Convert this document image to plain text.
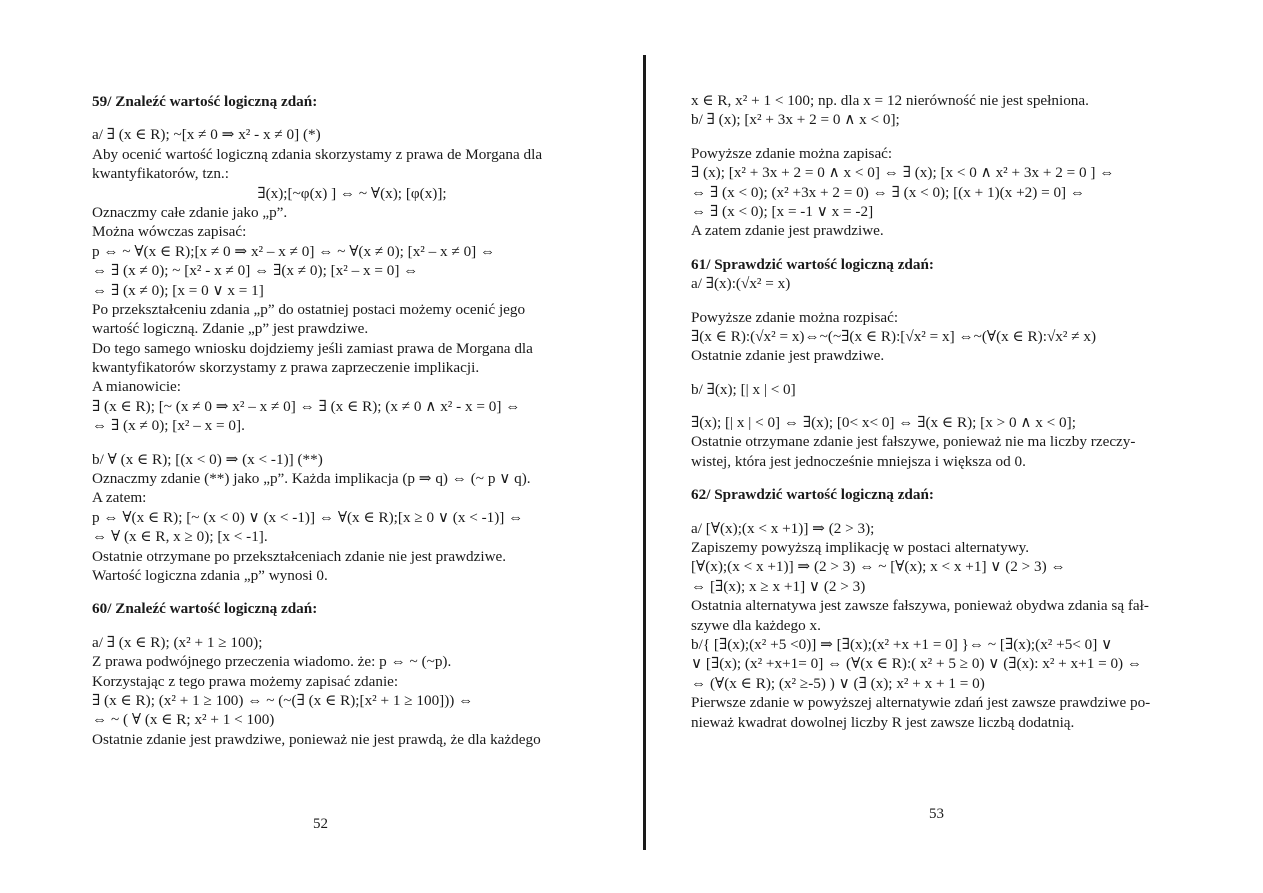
59/ Znaleźć wartość logiczną zdań:
a/ ∃ (x ∈ R); ~[x ≠ 0 ⇒ x² - x ≠ 0] (*)
Aby ocenić wartość logiczną zdania skorzystamy z prawa de Morgana dla
kwantyfikatorów, tzn.:
∃(x);[~φ(x) ] ⇔ ~ ∀(x); [φ(x)];
Oznaczmy całe zdanie jako „p”.
Można wówczas zapisać:
p ⇔ ~ ∀(x ∈ R);[x ≠ 0 ⇒ x² – x ≠ 0] ⇔ ~ ∀(x ≠ 0); [x² – x ≠ 0] ⇔
⇔ ∃ (x ≠ 0); ~ [x² - x ≠ 0] ⇔ ∃(x ≠ 0); [x² – x = 0] ⇔
⇔ ∃ (x ≠ 0); [x = 0 ∨ x = 1]
Po przekształceniu zdania „p” do ostatniej postaci możemy ocenić jego
wartość logiczną. Zdanie „p” jest prawdziwe.
Do tego samego wniosku dojdziemy jeśli zamiast prawa de Morgana dla
kwantyfikatorów skorzystamy z prawa zaprzeczenie implikacji.
A mianowicie:
∃ (x ∈ R); [~ (x ≠ 0 ⇒ x² – x ≠ 0] ⇔ ∃ (x ∈ R); (x ≠ 0 ∧ x² - x = 0] ⇔
⇔ ∃ (x ≠ 0); [x² – x = 0].
b/ ∀ (x ∈ R); [(x < 0) ⇒ (x < -1)] (**)
Oznaczmy zdanie (**) jako „p”. Każda implikacja (p ⇒ q) ⇔ (~ p ∨ q).
A zatem:
p ⇔ ∀(x ∈ R); [~ (x < 0) ∨ (x < -1)] ⇔ ∀(x ∈ R);[x ≥ 0 ∨ (x < -1)] ⇔
⇔ ∀ (x ∈ R, x ≥ 0); [x < -1].
Ostatnie otrzymane po przekształceniach zdanie nie jest prawdziwe.
Wartość logiczna zdania „p” wynosi 0.
60/ Znaleźć wartość logiczną zdań:
a/ ∃ (x ∈ R); (x² + 1 ≥ 100);
Z prawa podwójnego przeczenia wiadomo. że: p ⇔ ~ (~p).
Korzystając z tego prawa możemy zapisać zdanie:
∃ (x ∈ R); (x² + 1 ≥ 100) ⇔ ~ (~(∃ (x ∈ R);[x² + 1 ≥ 100])) ⇔
⇔ ~ ( ∀ (x ∈ R; x² + 1 < 100)
Ostatnie zdanie jest prawdziwe, ponieważ nie jest prawdą, że dla każdego
52
x ∈ R, x² + 1 < 100; np. dla x = 12 nierówność nie jest spełniona.
b/ ∃ (x); [x² + 3x + 2 = 0 ∧ x < 0];
Powyższe zdanie można zapisać:
∃ (x); [x² + 3x + 2 = 0 ∧ x < 0] ⇔ ∃ (x); [x < 0 ∧ x² + 3x + 2 = 0 ] ⇔
⇔ ∃ (x < 0); (x² +3x + 2 = 0) ⇔ ∃ (x < 0); [(x + 1)(x +2) = 0] ⇔
⇔ ∃ (x < 0); [x = -1 ∨ x = -2]
A zatem zdanie jest prawdziwe.
61/ Sprawdzić wartość logiczną zdań:
a/ ∃(x):(√x² = x)
Powyższe zdanie można rozpisać:
∃(x ∈ R):(√x² = x)⇔~(~∃(x ∈ R):[√x² = x] ⇔~(∀(x ∈ R):√x² ≠ x)
Ostatnie zdanie jest prawdziwe.
b/ ∃(x); [| x | < 0]
∃(x); [| x | < 0] ⇔ ∃(x); [0< x< 0] ⇔ ∃(x ∈ R); [x > 0 ∧ x < 0];
Ostatnie otrzymane zdanie jest fałszywe, ponieważ nie ma liczby rzeczy-
wistej, która jest jednocześnie mniejsza i większa od 0.
62/ Sprawdzić wartość logiczną zdań:
a/ [∀(x);(x < x +1)] ⇒ (2 > 3);
Zapiszemy powyższą implikację w postaci alternatywy.
[∀(x);(x < x +1)] ⇒ (2 > 3) ⇔ ~ [∀(x); x < x +1] ∨ (2 > 3) ⇔
⇔ [∃(x); x ≥ x +1] ∨ (2 > 3)
Ostatnia alternatywa jest zawsze fałszywa, ponieważ obydwa zdania są fał-
szywe dla każdego x.
b/{ [∃(x);(x² +5 <0)] ⇒ [∃(x);(x² +x +1 = 0] }⇔ ~ [∃(x);(x² +5< 0] ∨
∨ [∃(x); (x² +x+1= 0] ⇔ (∀(x ∈ R):( x² + 5 ≥ 0) ∨ (∃(x): x² + x+1 = 0) ⇔
⇔ (∀(x ∈ R); (x² ≥-5) ) ∨ (∃ (x); x² + x + 1 = 0)
Pierwsze zdanie w powyższej alternatywie zdań jest zawsze prawdziwe po-
nieważ kwadrat dowolnej liczby R jest zawsze liczbą dodatnią.
53
